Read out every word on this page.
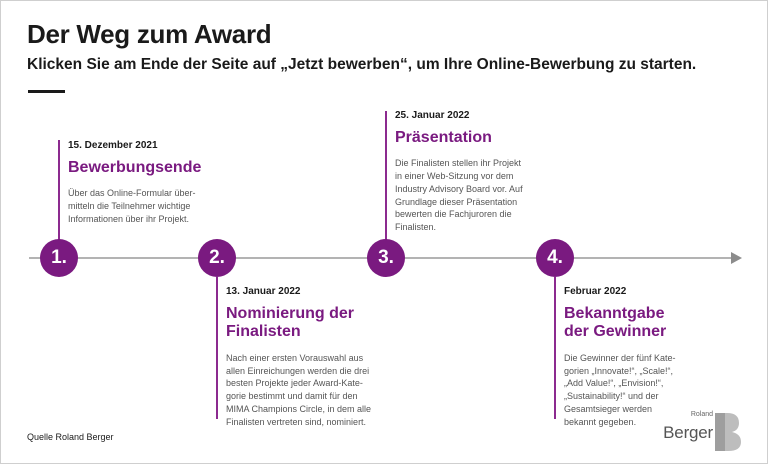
Der Weg zum Award

Klicken Sie am Ende der Seite auf „Jetzt bewerben“, um Ihre Online-Bewerbung zu starten.

1.
15. Dezember 2021
Bewerbungsende
Über das Online-Formular über-
mitteln die Teilnehmer wichtige
Informationen über ihr Projekt.
2.
13. Januar 2022
Nominierung der
Finalisten
Nach einer ersten Vorauswahl aus
allen Einreichungen werden die drei
besten Projekte jeder Award-Kate-
gorie bestimmt und damit für den
MIMA Champions Circle, in dem alle
Finalisten vertreten sind, nominiert.
3.
25. Januar 2022
Präsentation
Die Finalisten stellen ihr Projekt
in einer Web-Sitzung vor dem
Industry Advisory Board vor. Auf
Grundlage dieser Präsentation
bewerten die Fachjuroren die
Finalisten.
4.
Februar 2022
Bekanntgabe
der Gewinner
Die Gewinner der fünf Kate-
gorien „Innovate!“, „Scale!“,
„Add Value!“, „Envision!“,
„Sustainability!“ und der
Gesamtsieger werden
bekannt gegeben.
Quelle Roland Berger
Roland
Berger
